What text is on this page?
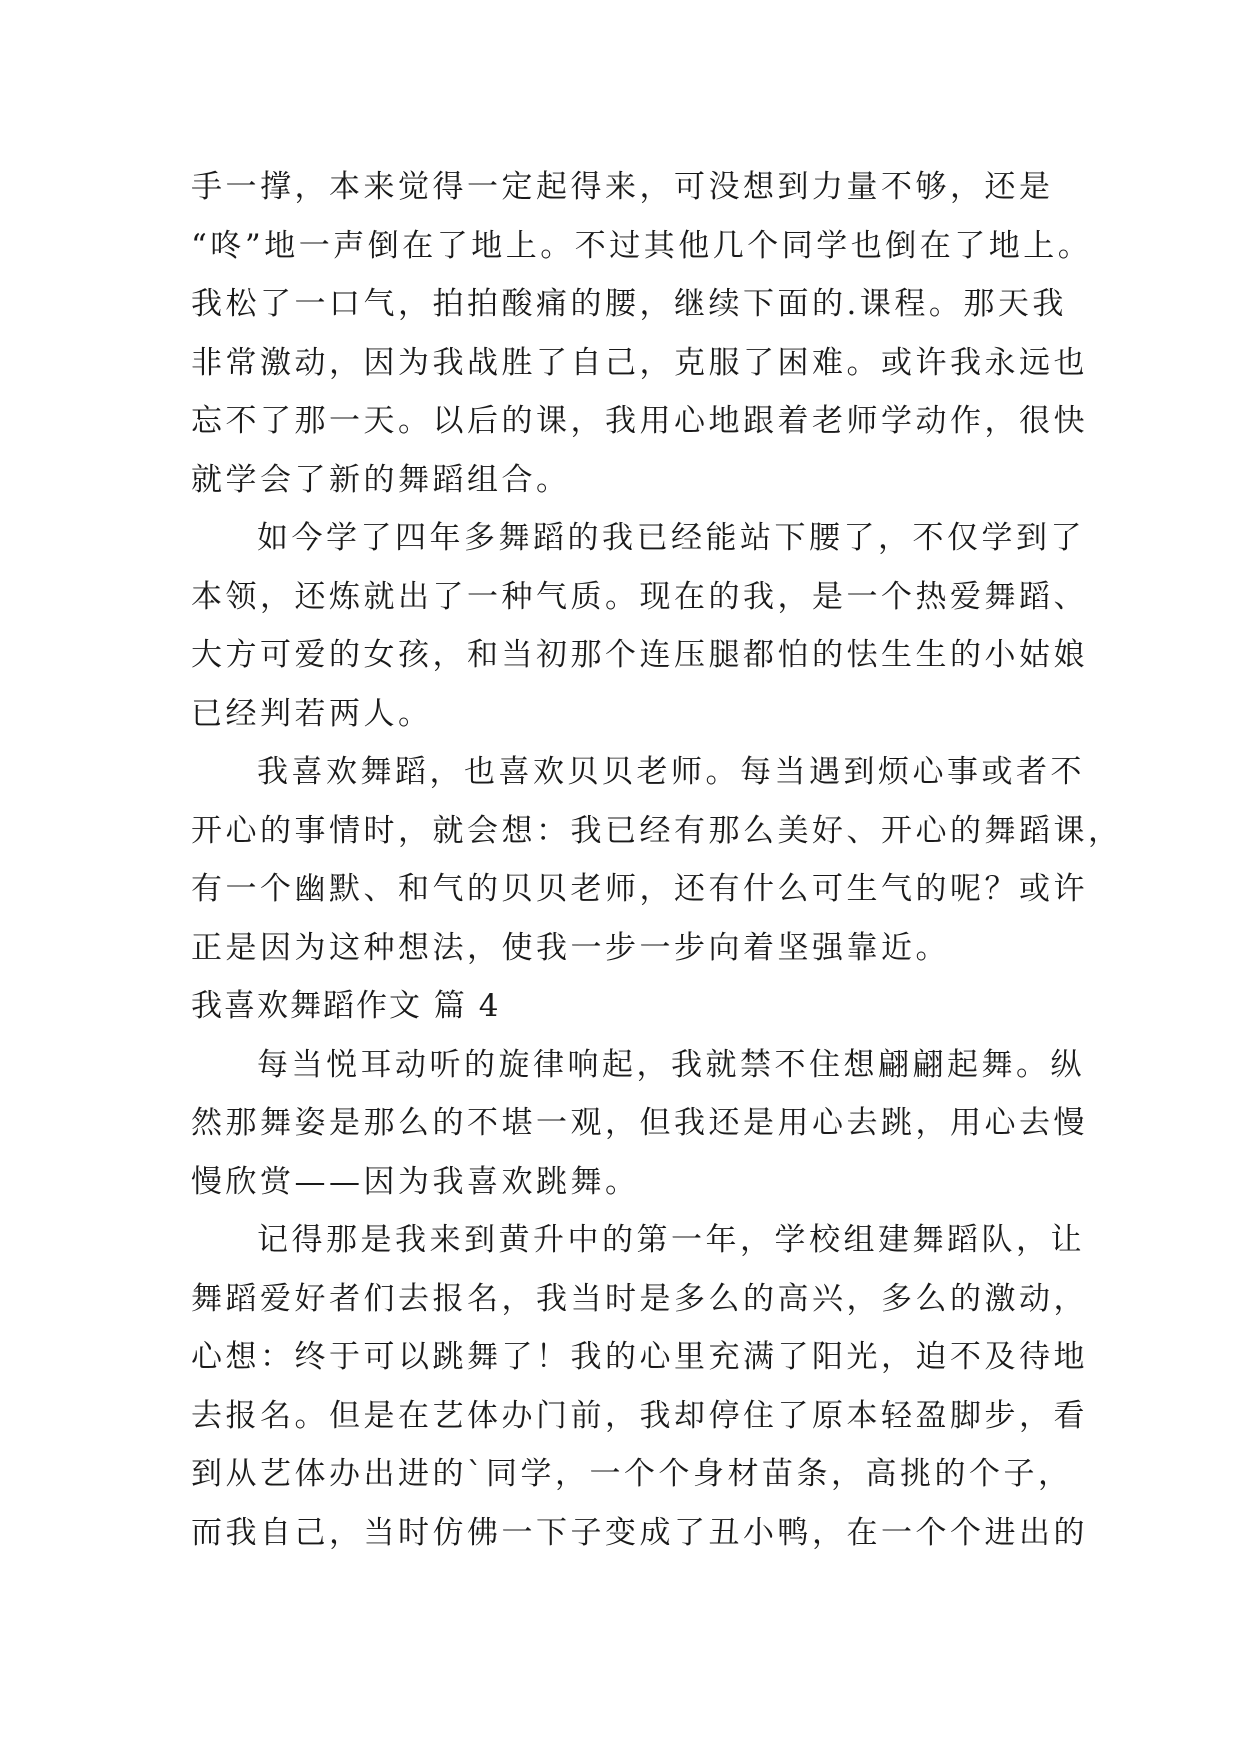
手一撑，本来觉得一定起得来，可没想到力量不够，还是
“咚”地一声倒在了地上。不过其他几个同学也倒在了地上。
我松了一口气，拍拍酸痛的腰，继续下面的.课程。那天我
非常激动，因为我战胜了自己，克服了困难。或许我永远也
忘不了那一天。以后的课，我用心地跟着老师学动作，很快
就学会了新的舞蹈组合。
如今学了四年多舞蹈的我已经能站下腰了，不仅学到了
本领，还炼就出了一种气质。现在的我，是一个热爱舞蹈、
大方可爱的女孩，和当初那个连压腿都怕的怯生生的小姑娘
已经判若两人。
我喜欢舞蹈，也喜欢贝贝老师。每当遇到烦心事或者不
开心的事情时，就会想：我已经有那么美好、开心的舞蹈课，
有一个幽默、和气的贝贝老师，还有什么可生气的呢？或许
正是因为这种想法，使我一步一步向着坚强靠近。
我喜欢舞蹈作文 篇 4
每当悦耳动听的旋律响起，我就禁不住想翩翩起舞。纵
然那舞姿是那么的不堪一观，但我还是用心去跳，用心去慢
慢欣赏——因为我喜欢跳舞。
记得那是我来到黄升中的第一年，学校组建舞蹈队，让
舞蹈爱好者们去报名，我当时是多么的高兴，多么的激动，
心想：终于可以跳舞了！我的心里充满了阳光，迫不及待地
去报名。但是在艺体办门前，我却停住了原本轻盈脚步，看
到从艺体办出进的`同学，一个个身材苗条，高挑的个子，
而我自己，当时仿佛一下子变成了丑小鸭，在一个个进出的
